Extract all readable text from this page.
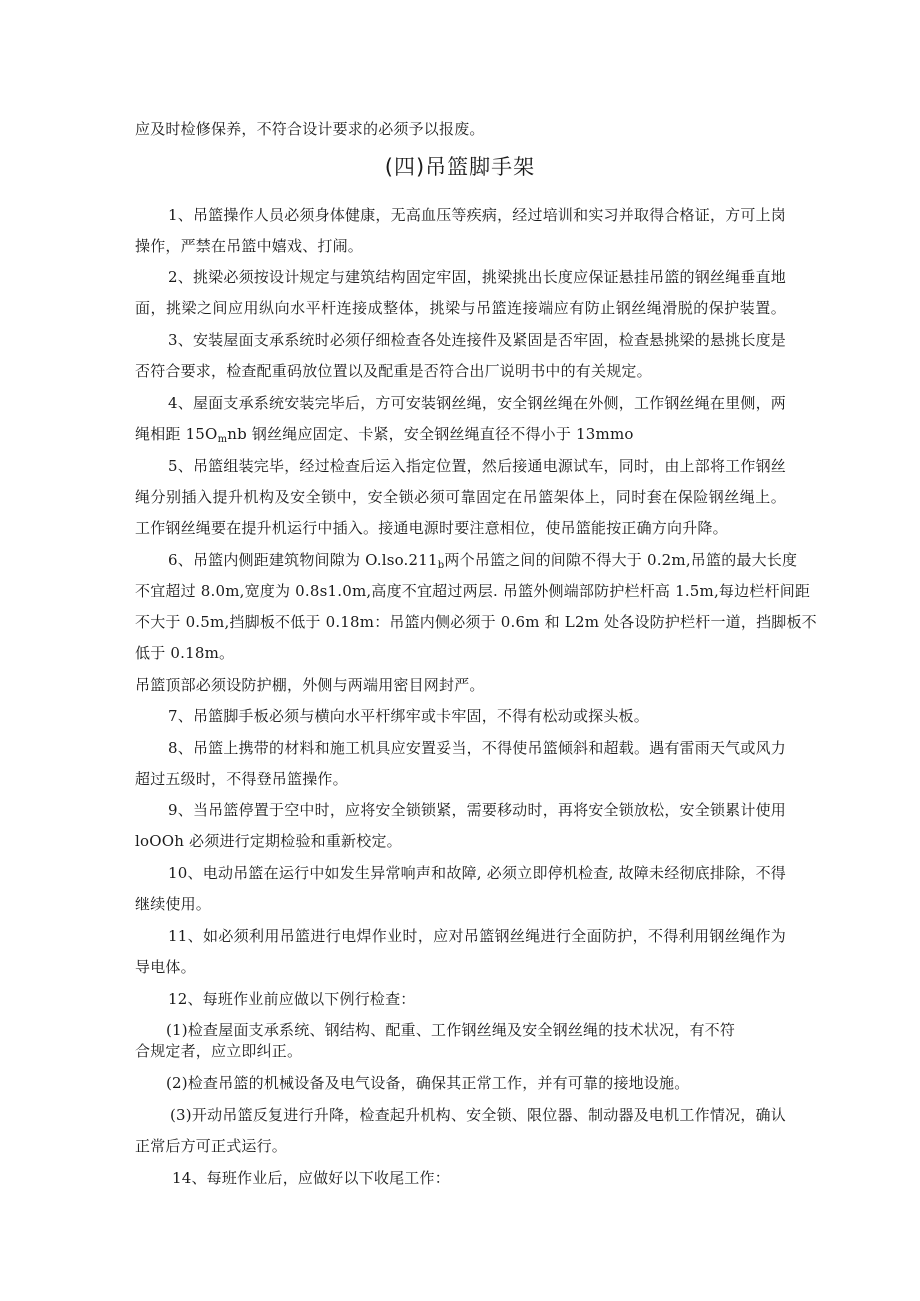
应及时检修保养，不符合设计要求的必须予以报废。
(四)吊篮脚手架
1、吊篮操作人员必须身体健康，无高血压等疾病，经过培训和实习并取得合格证，方可上岗
操作，严禁在吊篮中嬉戏、打闹。
2、挑梁必须按设计规定与建筑结构固定牢固，挑梁挑出长度应保证悬挂吊篮的钢丝绳垂直地
面，挑梁之间应用纵向水平杆连接成整体，挑梁与吊篮连接端应有防止钢丝绳滑脱的保护装置。
3、安装屋面支承系统时必须仔细检查各处连接件及紧固是否牢固，检查悬挑梁的悬挑长度是
否符合要求，检查配重码放位置以及配重是否符合出厂说明书中的有关规定。
4、屋面支承系统安装完毕后，方可安装钢丝绳，安全钢丝绳在外侧，工作钢丝绳在里侧，两
绳相距 $15O_mnb$ 钢丝绳应固定、卡紧，安全钢丝绳直径不得小于 13mmo
5、吊篮组装完毕，经过检查后运入指定位置，然后接通电源试车，同时，由上部将工作钢丝
绳分别插入提升机构及安全锁中，安全锁必须可靠固定在吊篮架体上，同时套在保险钢丝绳上。
工作钢丝绳要在提升机运行中插入。接通电源时要注意相位，使吊篮能按正确方向升降。
6、吊篮内侧距建筑物间隙为 $O.lso.211_b$两个吊篮之间的间隙不得大于 0.2m,吊篮的最大长度
不宜超过 8.0m,宽度为 0.8s1.0m,高度不宜超过两层. 吊篮外侧端部防护栏杆高 1.5m,每边栏杆间距
不大于 0.5m,挡脚板不低于 0.18m：吊篮内侧必须于 0.6m 和 L2m 处各设防护栏杆一道，挡脚板不
低于 0.18m。
吊篮顶部必须设防护棚，外侧与两端用密目网封严。
7、吊篮脚手板必须与横向水平杆绑牢或卡牢固，不得有松动或探头板。
8、吊篮上携带的材料和施工机具应安置妥当，不得使吊篮倾斜和超载。遇有雷雨天气或风力
超过五级时，不得登吊篮操作。
9、当吊篮停置于空中时，应将安全锁锁紧，需要移动时，再将安全锁放松，安全锁累计使用
loOOh 必须进行定期检验和重新校定。
10、电动吊篮在运行中如发生异常响声和故障, 必须立即停机检查, 故障未经彻底排除，不得
继续使用。
11、如必须利用吊篮进行电焊作业时，应对吊篮钢丝绳进行全面防护，不得利用钢丝绳作为
导电体。
12、每班作业前应做以下例行检查：
(1)检查屋面支承系统、钢结构、配重、工作钢丝绳及安全钢丝绳的技术状况，有不符
合规定者，应立即纠正。
(2)检查吊篮的机械设备及电气设备，确保其正常工作，并有可靠的接地设施。
(3)开动吊篮反复进行升降，检查起升机构、安全锁、限位器、制动器及电机工作情况，确认
正常后方可正式运行。
14、每班作业后，应做好以下收尾工作：
